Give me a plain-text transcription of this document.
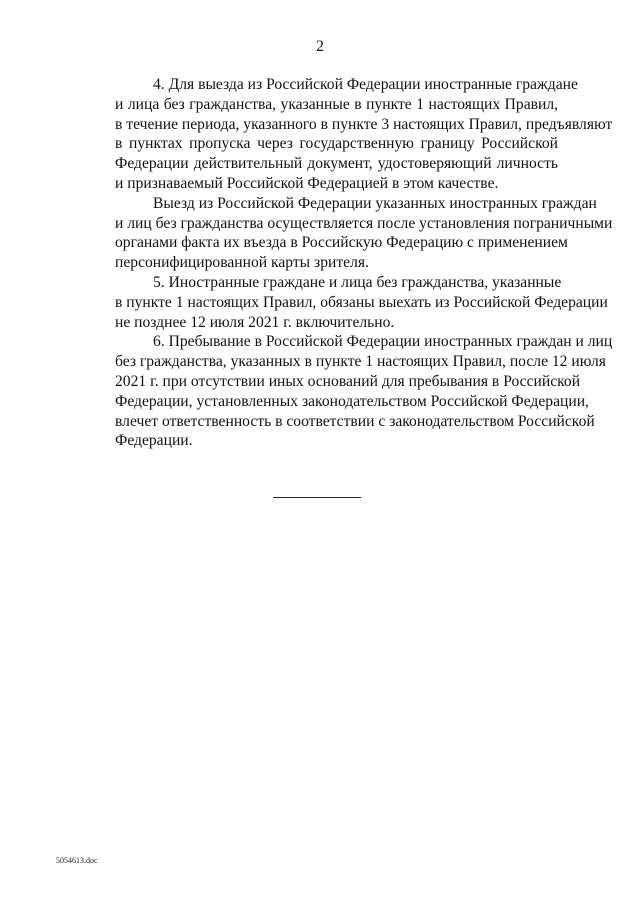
2
4. Для выезда из Российской Федерации иностранные граждане
и лица без гражданства, указанные в пункте 1 настоящих Правил,
в течение периода, указанного в пункте 3 настоящих Правил, предъявляют
в пунктах пропуска через государственную границу Российской
Федерации действительный документ, удостоверяющий личность
и признаваемый Российской Федерацией в этом качестве.
Выезд из Российской Федерации указанных иностранных граждан
и лиц без гражданства осуществляется после установления пограничными
органами факта их въезда в Российскую Федерацию с применением
персонифицированной карты зрителя.
5. Иностранные граждане и лица без гражданства, указанные
в пункте 1 настоящих Правил, обязаны выехать из Российской Федерации
не позднее 12 июля 2021 г. включительно.
6. Пребывание в Российской Федерации иностранных граждан и лиц
без гражданства, указанных в пункте 1 настоящих Правил, после 12 июля
2021 г. при отсутствии иных оснований для пребывания в Российской
Федерации, установленных законодательством Российской Федерации,
влечет ответственность в соответствии с законодательством Российской
Федерации.
5054613.doc
